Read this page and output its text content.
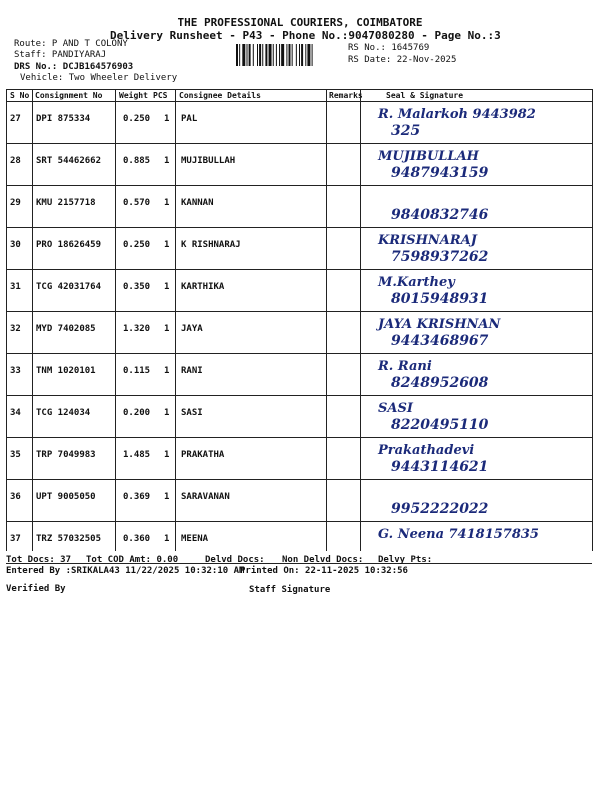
THE PROFESSIONAL COURIERS, COIMBATORE
Delivery Runsheet - P43 - Phone No.:9047080280 - Page No.:3
Route: P AND T COLONY
Staff: PANDIYARAJ
DRS No.: DCJB164576903
Vehicle: Two Wheeler Delivery
RS No.: 1645769
RS Date: 22-Nov-2025
S No Consignment No Weight PCS Consignee Details	Remarks	Seal & Signature
27 DPI 875334	0.250 1 PAL	R. Malarkoh 9443982
325
28 SRT 54462662 0.885 1 MUJIBULLAH	MUJIBULLAH
9487943159
29 KMU 2157718	0.570 1 KANNAN
9840832746
30 PRO 18626459 0.250 1 K RISHNARAJ	KRISHNARAJ
7598937262
31 TCG 42031764 0.350 1 KARTHIKA	M.Karthey
8015948931
32 MYD 7402085	1.320 1 JAYA	JAYA KRISHNAN
9443468967
33 TNM 1020101	0.115 1 RANI	R. Rani
8248952608
34 TCG 124034	0.200 1 SASI	SASI
8220495110
35 TRP 7049983	1.485 1 PRAKATHA	Prakathadevi
9443114621
36 UPT 9005050	0.369 1 SARAVANAN
9952222022
37 TRZ 57032505 0.360 1 MEENA	G. Neena 7418157835
Tot Docs: 37 Tot COD Amt: 0.00	Delvd Docs: Non Delvd Docs: Delvy Pts:
Entered By :SRIKALA43 11/22/2025 10:32:10 AM
Printed On: 22-11-2025 10:32:56
Verified By	Staff Signature
